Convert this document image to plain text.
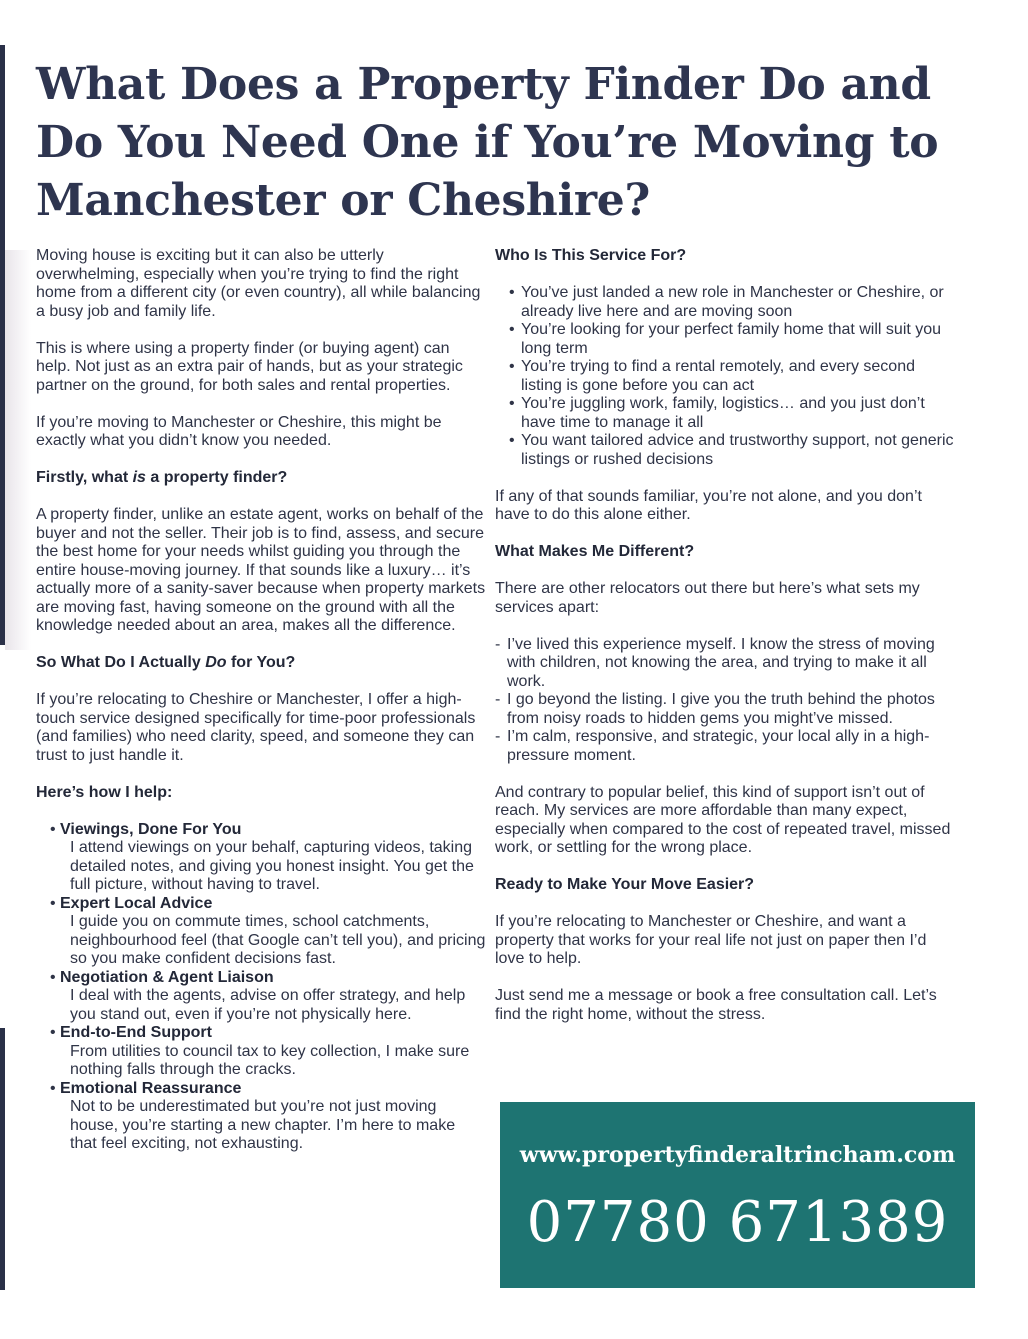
What Does a Property Finder Do and Do You Need One if You’re Moving to Manchester or Cheshire?

Moving house is exciting but it can also be utterly overwhelming, especially when you’re trying to find the right home from a different city (or even country), all while balancing a busy job and family life.

This is where using a property finder (or buying agent) can help. Not just as an extra pair of hands, but as your strategic partner on the ground, for both sales and rental properties.

If you’re moving to Manchester or Cheshire, this might be exactly what you didn’t know you needed.

Firstly, what is a property finder?

A property finder, unlike an estate agent, works on behalf of the buyer and not the seller. Their job is to find, assess, and secure the best home for your needs whilst guiding you through the entire house-moving journey. If that sounds like a luxury… it’s actually more of a sanity-saver because when property markets are moving fast, having someone on the ground with all the knowledge needed about an area, makes all the difference.

So What Do I Actually Do for You?

If you’re relocating to Cheshire or Manchester, I offer a high-touch service designed specifically for time-poor professionals (and families) who need clarity, speed, and someone they can trust to just handle it.

Here’s how I help:
• Viewings, Done For You
I attend viewings on your behalf, capturing videos, taking detailed notes, and giving you honest insight. You get the full picture, without having to travel.
• Expert Local Advice
I guide you on commute times, school catchments, neighbourhood feel (that Google can’t tell you), and pricing so you make confident decisions fast.
• Negotiation & Agent Liaison
I deal with the agents, advise on offer strategy, and help you stand out, even if you’re not physically here.
• End-to-End Support
From utilities to council tax to key collection, I make sure nothing falls through the cracks.
• Emotional Reassurance
Not to be underestimated but you’re not just moving house, you’re starting a new chapter. I’m here to make that feel exciting, not exhausting.
Who Is This Service For?
• You’ve just landed a new role in Manchester or Cheshire, or already live here and are moving soon
• You’re looking for your perfect family home that will suit you long term
• You’re trying to find a rental remotely, and every second listing is gone before you can act
• You’re juggling work, family, logistics… and you just don’t have time to manage it all
• You want tailored advice and trustworthy support, not generic listings or rushed decisions

If any of that sounds familiar, you’re not alone, and you don’t have to do this alone either.

What Makes Me Different?

There are other relocators out there but here’s what sets my services apart:

- I’ve lived this experience myself. I know the stress of moving with children, not knowing the area, and trying to make it all work.
- I go beyond the listing. I give you the truth behind the photos from noisy roads to hidden gems you might’ve missed.
- I’m calm, responsive, and strategic, your local ally in a high-pressure moment.

And contrary to popular belief, this kind of support isn’t out of reach. My services are more affordable than many expect, especially when compared to the cost of repeated travel, missed work, or settling for the wrong place.

Ready to Make Your Move Easier?

If you’re relocating to Manchester or Cheshire, and want a property that works for your real life not just on paper then I’d love to help.

Just send me a message or book a free consultation call. Let’s find the right home, without the stress.

www.propertyfinderaltrincham.com
07780 671389
